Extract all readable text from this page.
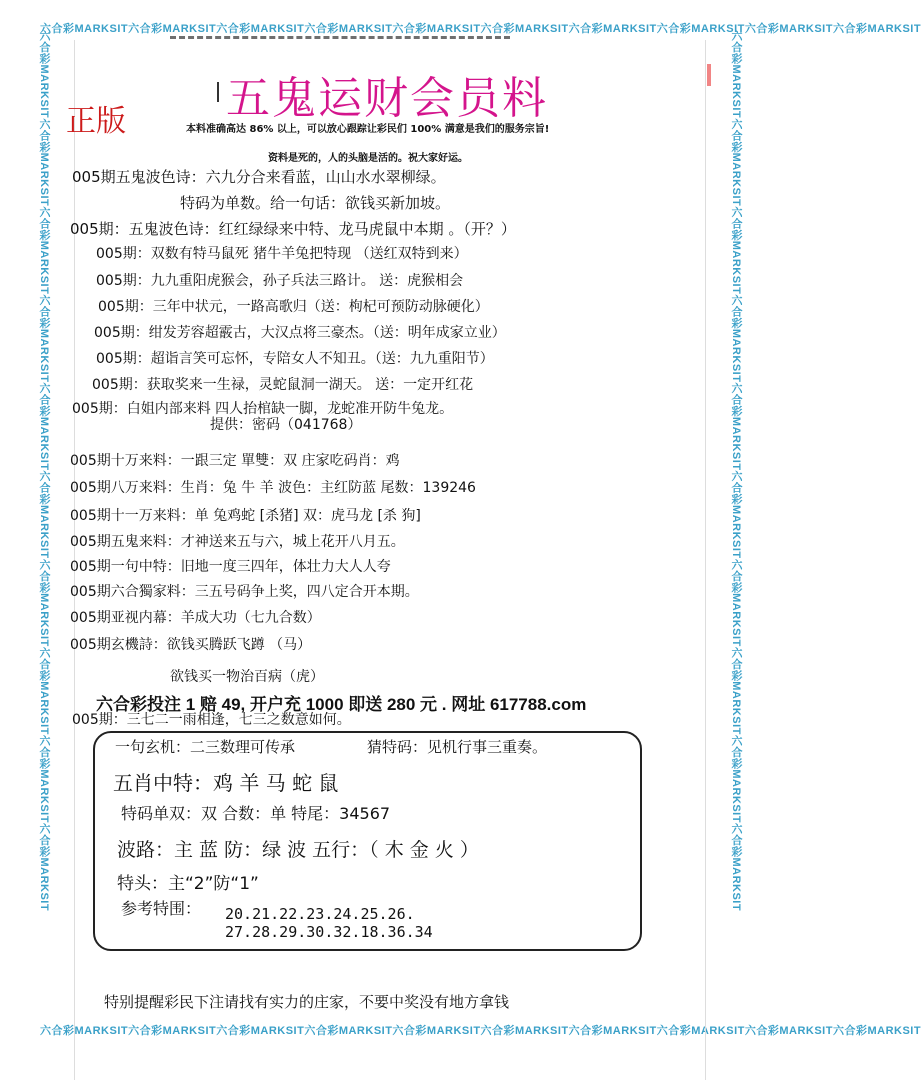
六合彩MARKSIT六合彩MARKSIT六合彩MARKSIT六合彩MARKSIT六合彩MARKSIT六合彩MARKSIT六合彩MARKSIT六合彩MARKSIT六合彩MARKSIT六合彩MARKSIT
六合彩MARKSIT六合彩MARKSIT六合彩MARKSIT六合彩MARKSIT六合彩MARKSIT六合彩MARKSIT六合彩MARKSIT六合彩MARKSIT六合彩MARKSIT六合彩MARKSIT
六合彩MARKSIT六合彩MARKSIT六合彩MARKSIT六合彩MARKSIT六合彩MARKSIT六合彩MARKSIT六合彩MARKSIT六合彩MARKSIT六合彩MARKSIT六合彩MARKSIT	六合彩MARKSIT六合彩MARKSIT六合彩MARKSIT六合彩MARKSIT六合彩MARKSIT六合彩MARKSIT六合彩MARKSIT六合彩MARKSIT六合彩MARKSIT六合彩MARKSIT
五鬼运财会员料
正版	本料准确高达 86% 以上，可以放心跟踪让彩民们 100% 满意是我们的服务宗旨!
资料是死的，人的头脑是活的。祝大家好运。
005期五鬼波色诗：六九分合来看蓝，山山水水翠柳绿。
特码为单数。给一句话：欲钱买新加坡。
005期：五鬼波色诗：红红绿绿来中特、龙马虎鼠中本期 。（开？）
005期：双数有特马鼠死 猪牛羊兔把特现 （送红双特到来）
005期：九九重阳虎猴会，孙子兵法三路计。 送：虎猴相会
005期：三年中状元，一路高歌归（送：枸杞可预防动脉硬化）
005期：绀发芳容超霰古，大汉点将三豪杰。（送：明年成家立业）
005期：超诣言笑可忘怀，专陪女人不知丑。（送：九九重阳节）
005期：获取奖来一生禄，灵蛇鼠洞一湖天。 送：一定开红花
005期：白姐内部来料 四人抬棺缺一脚，龙蛇准开防牛兔龙。
提供：密码（041768）
005期十万来料：一跟三定 單雙：双 庄家吃码肖：鸡
005期八万来料：生肖：兔 牛 羊 波色：主红防蓝 尾数：139246
005期十一万来料：单 兔鸡蛇 [杀猪] 双：虎马龙 [杀 狗]
005期五鬼来料：才神送来五与六，城上花开八月五。
005期一句中特：旧地一度三四年，体壮力大人人夸
005期六合獨家料：三五号码争上奖，四八定合开本期。
005期亚视内幕：羊成大功（七九合数）
005期玄機詩：欲钱买腾跃飞蹲 （马）
欲钱买一物治百病（虎）
六合彩投注 1 赔 49, 开户充 1000 即送 280 元 . 网址 617788.com
005期：三七二一雨相逢，七三之数意如何。
一句玄机：二三数理可传承	猜特码：见机行事三重奏。
五肖中特：鸡 羊 马 蛇 鼠
特码单双：双 合数：单 特尾：34567
波路：主 蓝 防：绿 波 五行：（ 木 金 火 ）
特头：主“2”防“1”
参考特围： 20.21.22.23.24.25.26.
27.28.29.30.32.18.36.34
特别提醒彩民下注请找有实力的庄家，不要中奖没有地方拿钱
